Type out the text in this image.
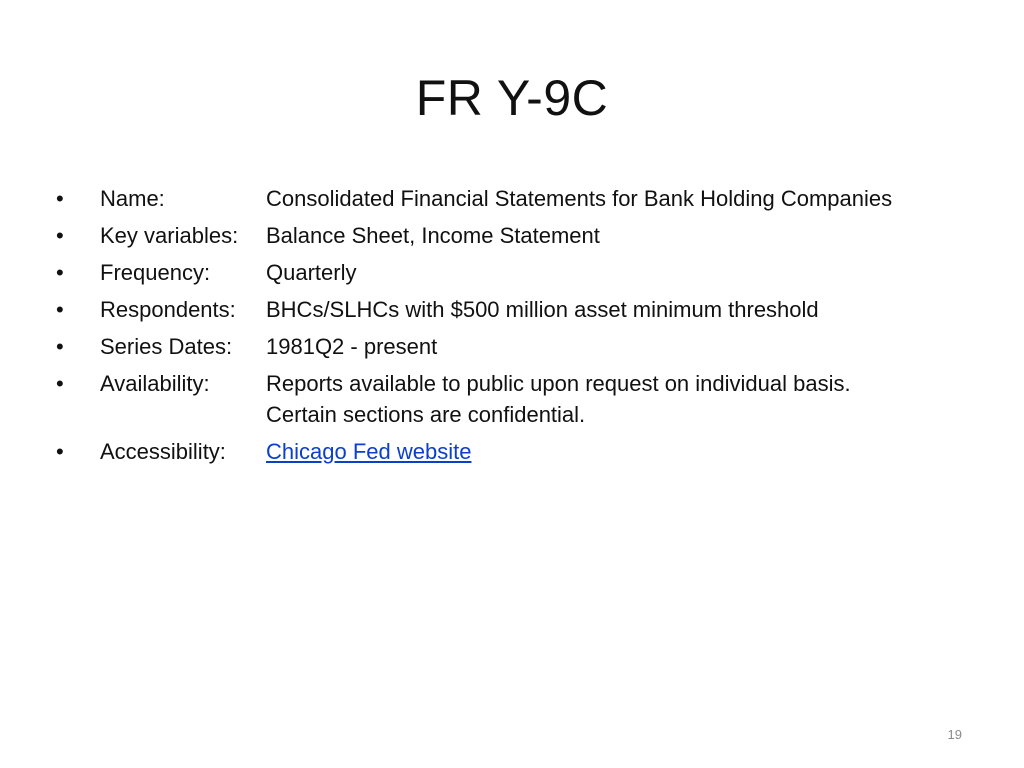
FR Y-9C
•	Name:	Consolidated Financial Statements for Bank Holding Companies
•	Key variables:	Balance Sheet, Income Statement
•	Frequency:	Quarterly
•	Respondents:	BHCs/SLHCs with $500 million asset minimum threshold
•	Series Dates:	1981Q2 - present
•	Availability:	Reports available to public upon request on individual basis. Certain sections are confidential.
•	Accessibility:	Chicago Fed website
19
